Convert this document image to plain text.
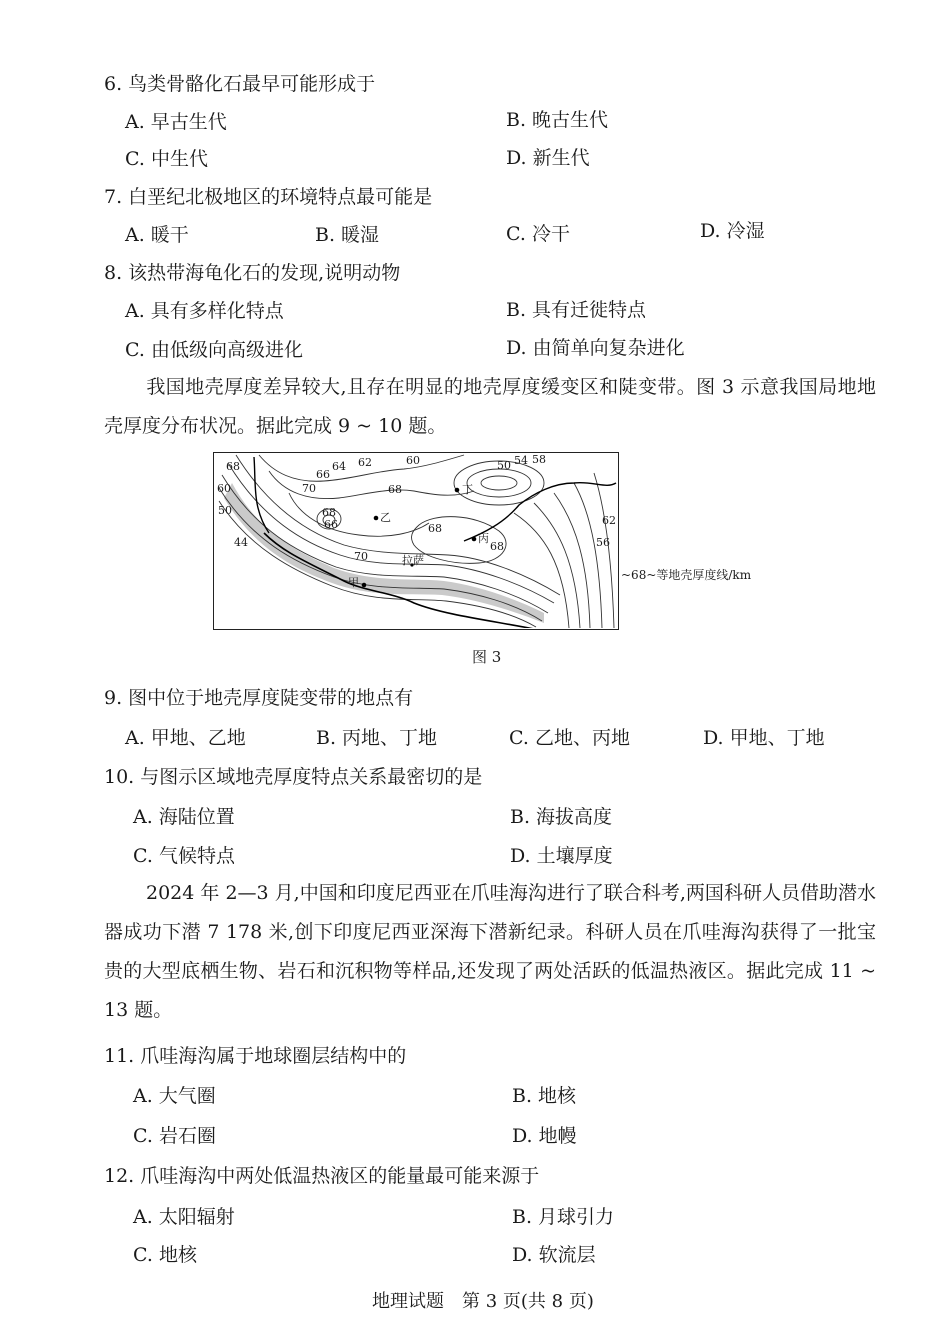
6. 鸟类骨骼化石最早可能形成于
A. 早古生代	B. 晚古生代
C. 中生代	D. 新生代
7. 白垩纪北极地区的环境特点最可能是
A. 暖干	B. 暖湿	C. 冷干	D. 冷湿
8. 该热带海龟化石的发现,说明动物
A. 具有多样化特点	B. 具有迁徙特点
C. 由低级向高级进化	D. 由简单向复杂进化
我国地壳厚度差异较大,且存在明显的地壳厚度缓变区和陡变带。图 3 示意我国局地地壳厚度分布状况。据此完成 9 ~ 10 题。
68
60
50
44
66
64 62	60
70	68
68
66
70
68
68
50 54 58
62
56
甲
乙
丙
丁
拉萨
~68~等地壳厚度线/km
图 3
9. 图中位于地壳厚度陡变带的地点有
A. 甲地、乙地	B. 丙地、丁地	C. 乙地、丙地	D. 甲地、丁地
10. 与图示区域地壳厚度特点关系最密切的是
A. 海陆位置	B. 海拔高度
C. 气候特点	D. 土壤厚度
2024 年 2—3 月,中国和印度尼西亚在爪哇海沟进行了联合科考,两国科研人员借助潜水器成功下潜 7 178 米,创下印度尼西亚深海下潜新纪录。科研人员在爪哇海沟获得了一批宝贵的大型底栖生物、岩石和沉积物等样品,还发现了两处活跃的低温热液区。据此完成 11 ~ 13 题。
11. 爪哇海沟属于地球圈层结构中的
A. 大气圈	B. 地核
C. 岩石圈	D. 地幔
12. 爪哇海沟中两处低温热液区的能量最可能来源于
A. 太阳辐射	B. 月球引力
C. 地核	D. 软流层
地理试题　第 3 页(共 8 页)
